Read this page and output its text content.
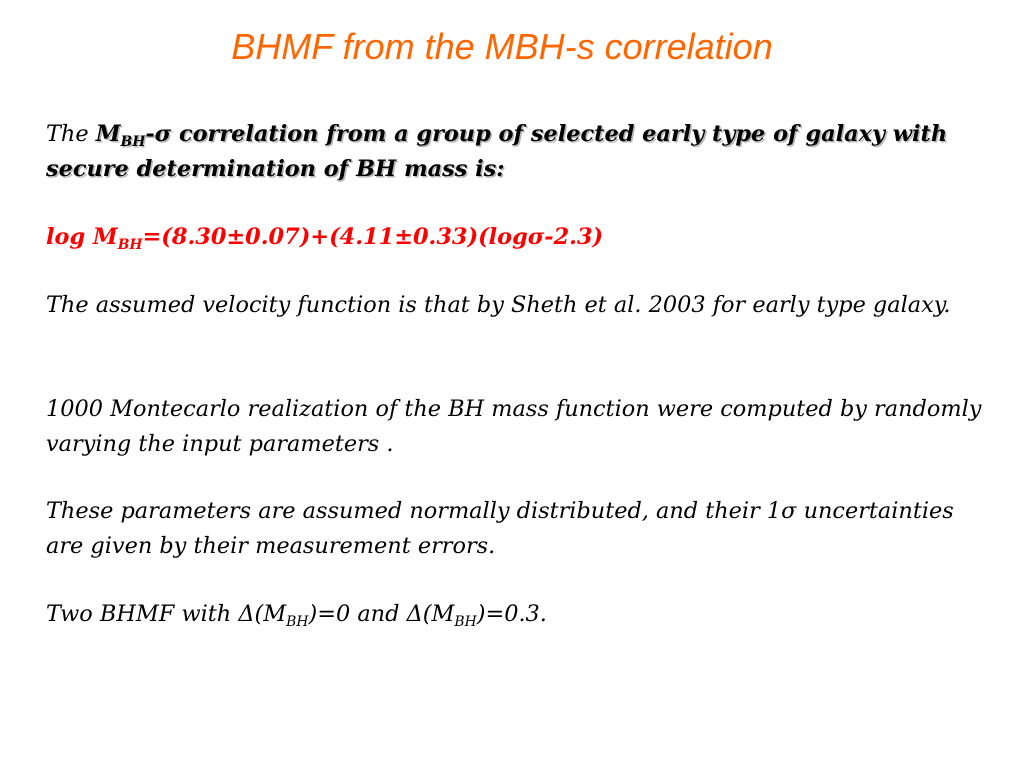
BHMF from the MBH-s correlation
The $M_{BH}-\sigma$ correlation from a group of selected early type of galaxy with secure determination of BH mass is:
$\log M_{BH}=(8.30\pm 0.07)+(4.11\pm 0.33)(\log\sigma-2.3)$
The assumed velocity function is that by Sheth et al. 2003 for early type galaxy.
1000 Montecarlo realization of the BH mass function were computed by randomly varying the input parameters .
These parameters are assumed normally distributed, and their 1σ uncertainties are given by their measurement errors.
Two BHMF with $\Delta(M_{BH})=0$ and $\Delta(M_{BH})=0.3$.
